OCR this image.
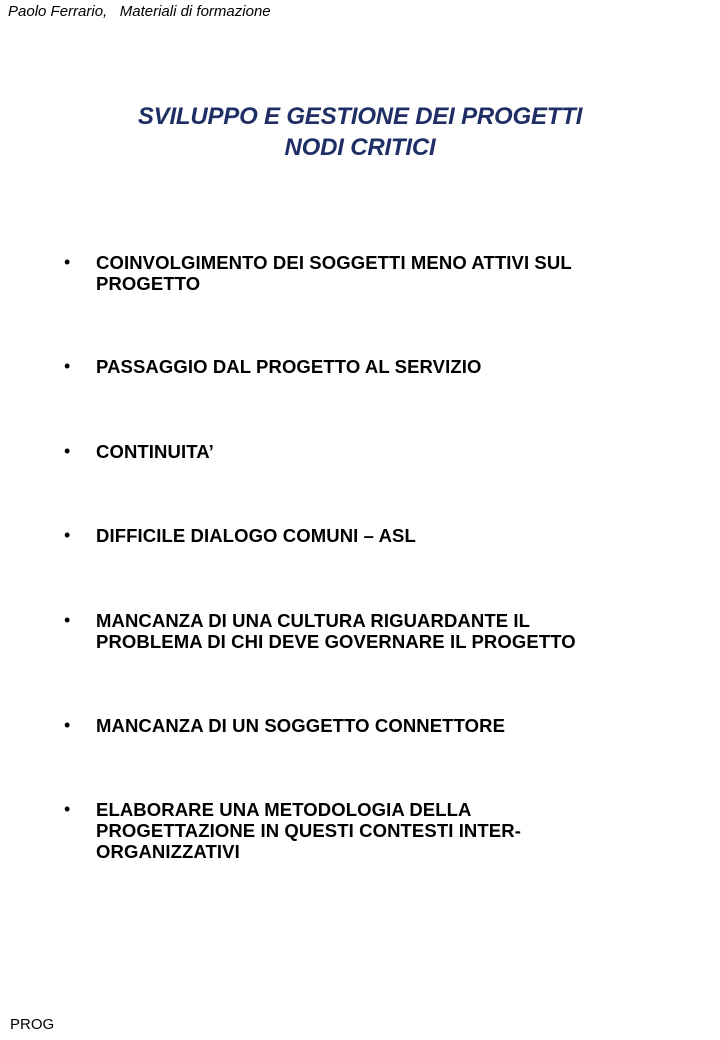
Paolo Ferrario, Materiali di formazione
SVILUPPO E GESTIONE DEI PROGETTI
NODI CRITICI
• COINVOLGIMENTO DEI SOGGETTI MENO ATTIVI SUL
PROGETTO
• PASSAGGIO DAL PROGETTO AL SERVIZIO
• CONTINUITA’
• DIFFICILE DIALOGO COMUNI – ASL
• MANCANZA DI UNA CULTURA RIGUARDANTE IL
PROBLEMA DI CHI DEVE GOVERNARE IL PROGETTO
• MANCANZA DI UN SOGGETTO CONNETTORE
• ELABORARE UNA METODOLOGIA DELLA
PROGETTAZIONE IN QUESTI CONTESTI INTER-
ORGANIZZATIVI
PROG
